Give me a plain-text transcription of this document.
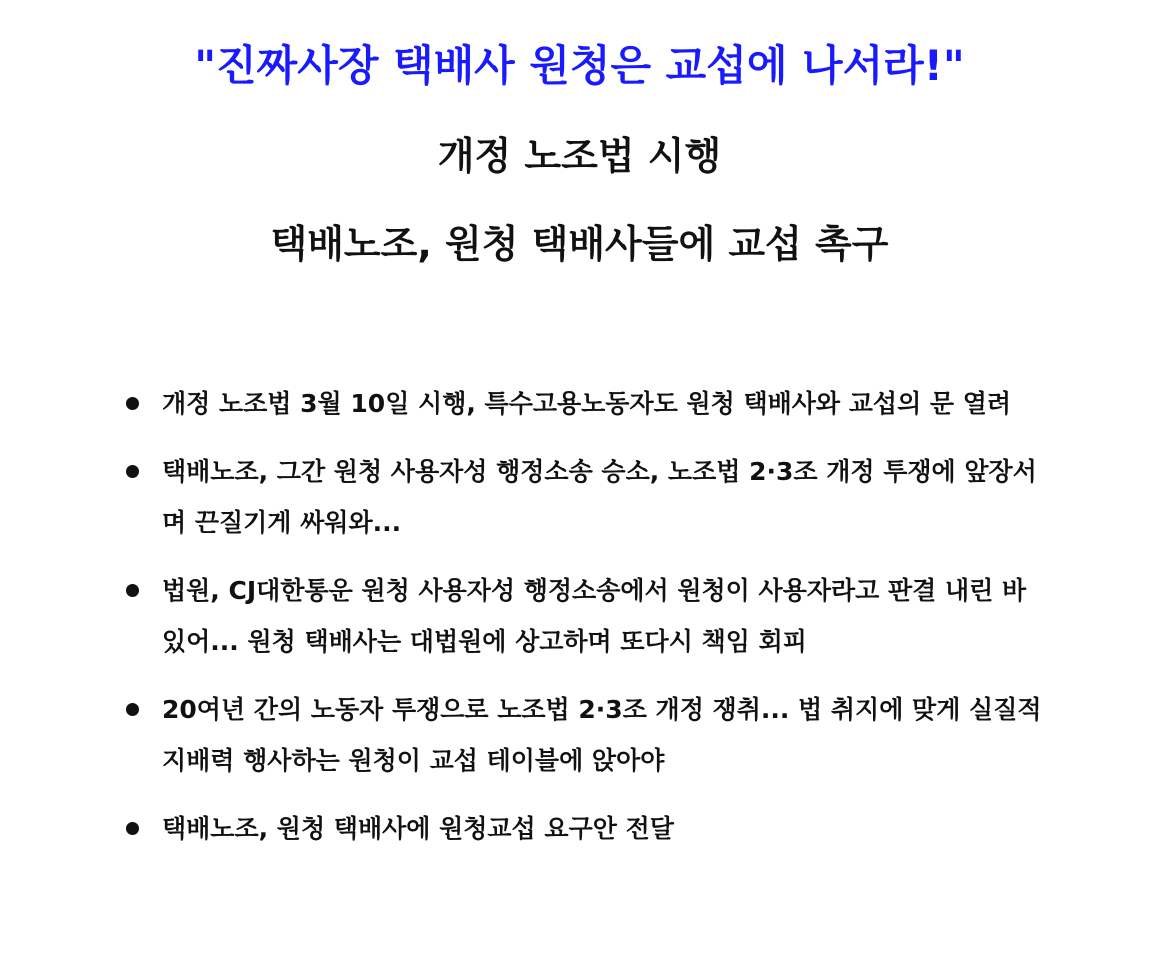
"진짜사장 택배사 원청은 교섭에 나서라!"
개정 노조법 시행
택배노조, 원청 택배사들에 교섭 촉구
개정 노조법 3월 10일 시행, 특수고용노동자도 원청 택배사와 교섭의 문 열려
택배노조, 그간 원청 사용자성 행정소송 승소, 노조법 2·3조 개정 투쟁에 앞장서며 끈질기게 싸워와...
법원, CJ대한통운 원청 사용자성 행정소송에서 원청이 사용자라고 판결 내린 바 있어... 원청 택배사는 대법원에 상고하며 또다시 책임 회피
20여년 간의 노동자 투쟁으로 노조법 2·3조 개정 쟁취... 법 취지에 맞게 실질적 지배력 행사하는 원청이 교섭 테이블에 앉아야
택배노조, 원청 택배사에 원청교섭 요구안 전달
